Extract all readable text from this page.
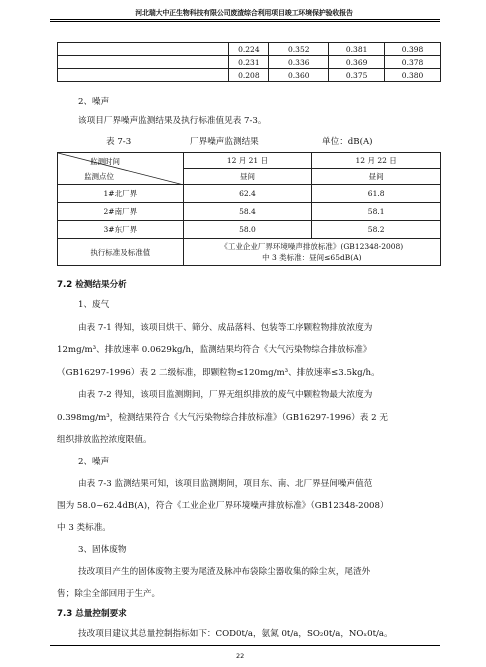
河北瑞大中正生物科技有限公司废渣综合利用项目竣工环境保护验收报告
	0.224	0.352	0.381	0.398
	0.231	0.336	0.369	0.378
	0.208	0.360	0.375	0.380
2、噪声
该项目厂界噪声监测结果及执行标准值见表 7-3。
表 7-3	厂界噪声监测结果	单位：dB(A)
监测时间
监测点位	12 月 21 日	12 月 22 日
	昼间	昼间
1#北厂界	62.4	61.8
2#南厂界	58.4	58.1
3#东厂界	58.0	58.2
执行标准及标准值	《工业企业厂界环境噪声排放标准》(GB12348-2008)
中 3 类标准：昼间≤65dB(A)	
7.2 检测结果分析
1、废气
由表 7-1 得知，该项目烘干、筛分、成品落料、包装等工序颗粒物排放浓度为
12mg/m³、排放速率 0.0629kg/h，监测结果均符合《大气污染物综合排放标准》
（GB16297-1996）表 2 二级标准，即颗粒物≤120mg/m³、排放速率≤3.5kg/h。
由表 7-2 得知，该项目监测期间，厂界无组织排放的废气中颗粒物最大浓度为
0.398mg/m³，检测结果符合《大气污染物综合排放标准》（GB16297-1996）表 2 无
组织排放监控浓度限值。
2、噪声
由表 7-3 监测结果可知，该项目监测期间，项目东、南、北厂界昼间噪声值范
围为 58.0~62.4dB(A)，符合《工业企业厂界环境噪声排放标准》（GB12348-2008）
中 3 类标准。
3、固体废物
技改项目产生的固体废物主要为尾渣及脉冲布袋除尘器收集的除尘灰，尾渣外
售；除尘全部回用于生产。
7.3 总量控制要求
技改项目建议其总量控制指标如下：COD0t/a，氨氮 0t/a，SO₂0t/a，NOₓ0t/a。
22
